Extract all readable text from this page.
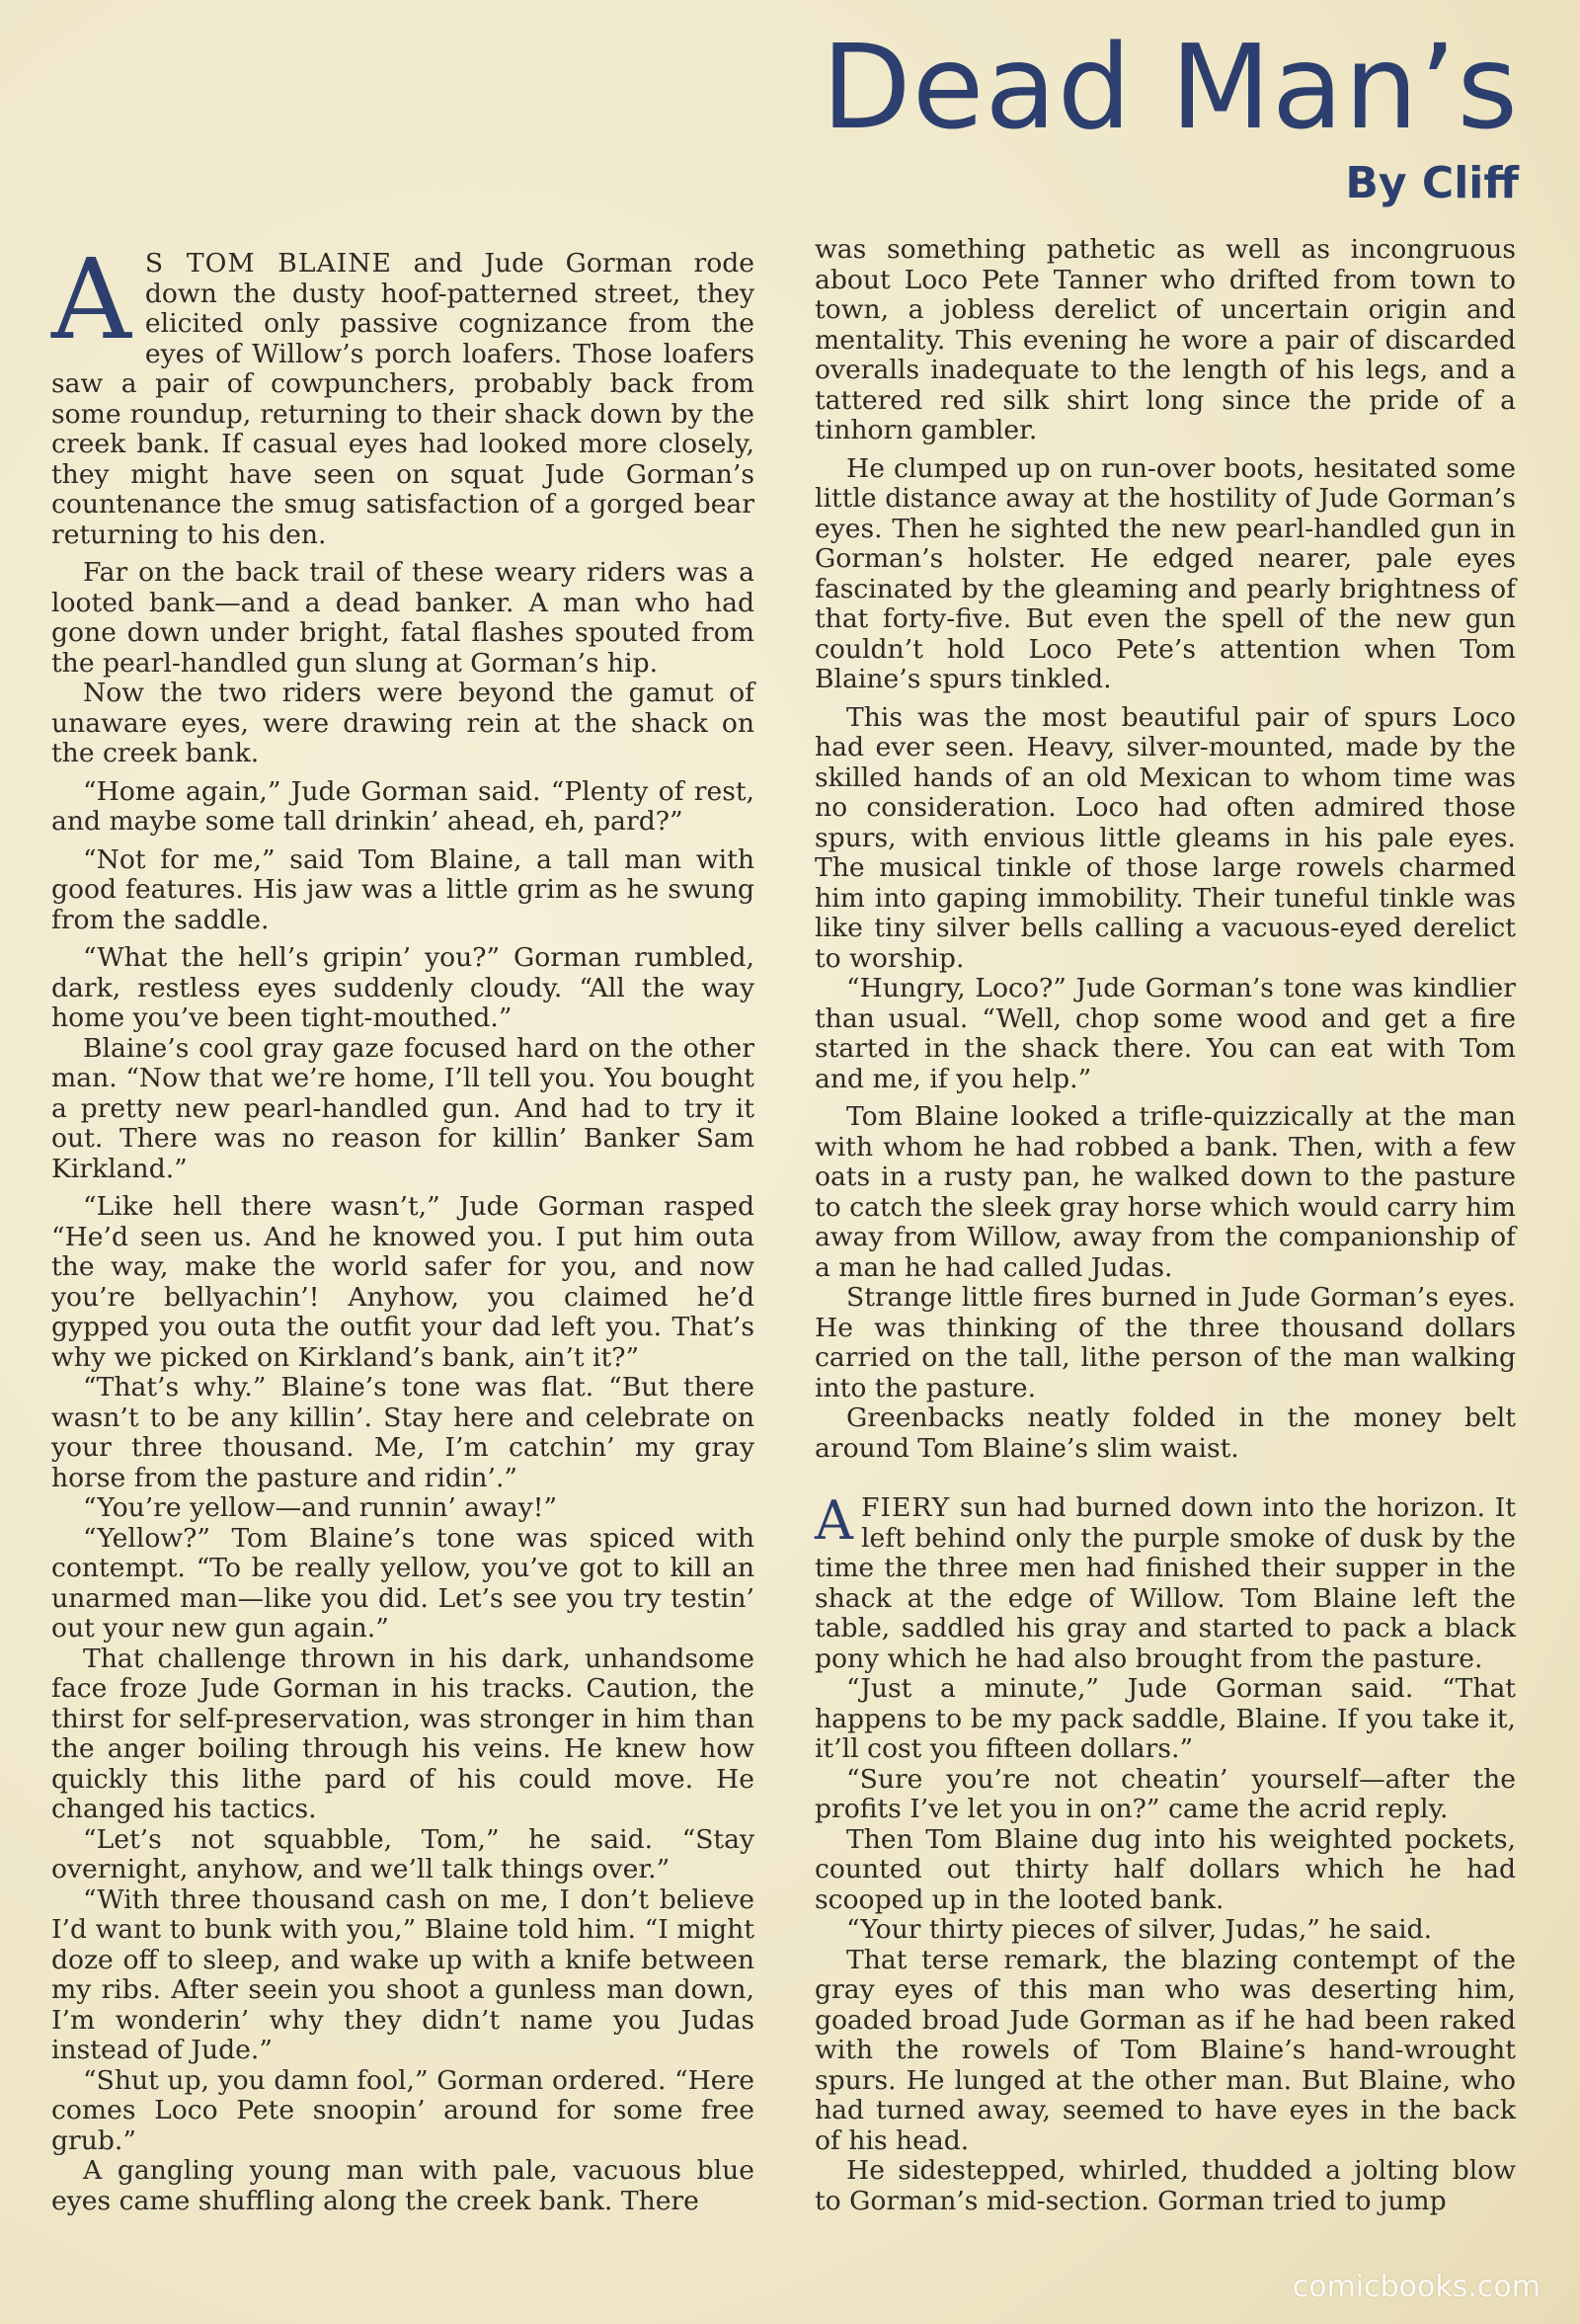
Dead Man’s
By Cliff

A S TOM BLAINE and Jude Gorman rode down the dusty hoof-patterned street, they elicited only passive cognizance from the eyes of Willow’s porch loafers. Those loafers saw a pair of cowpunchers, probably back from some roundup, returning to their shack down by the creek bank. If casual eyes had looked more closely, they might have seen on squat Jude Gorman’s countenance the smug satisfaction of a gorged bear returning to his den.

Far on the back trail of these weary riders was a looted bank—and a dead banker. A man who had gone down under bright, fatal flashes spouted from the pearl-handled gun slung at Gorman’s hip.

Now the two riders were beyond the gamut of unaware eyes, were drawing rein at the shack on the creek bank.

“Home again,” Jude Gorman said. “Plenty of rest, and maybe some tall drinkin’ ahead, eh, pard?”

“Not for me,” said Tom Blaine, a tall man with good features. His jaw was a little grim as he swung from the saddle.

“What the hell’s gripin’ you?” Gorman rumbled, dark, restless eyes suddenly cloudy. “All the way home you’ve been tight-mouthed.”

Blaine’s cool gray gaze focused hard on the other man. “Now that we’re home, I’ll tell you. You bought a pretty new pearl-handled gun. And had to try it out. There was no reason for killin’ Banker Sam Kirkland.”

“Like hell there wasn’t,” Jude Gorman rasped “He’d seen us. And he knowed you. I put him outa the way, make the world safer for you, and now you’re bellyachin’! Anyhow, you claimed he’d gypped you outa the outfit your dad left you. That’s why we picked on Kirkland’s bank, ain’t it?”

“That’s why.” Blaine’s tone was flat. “But there wasn’t to be any killin’. Stay here and celebrate on your three thousand. Me, I’m catchin’ my gray horse from the pasture and ridin’.”

“You’re yellow—and runnin’ away!”

“Yellow?” Tom Blaine’s tone was spiced with contempt. “To be really yellow, you’ve got to kill an unarmed man—like you did. Let’s see you try testin’ out your new gun again.”

That challenge thrown in his dark, unhandsome face froze Jude Gorman in his tracks. Caution, the thirst for self-preservation, was stronger in him than the anger boiling through his veins. He knew how quickly this lithe pard of his could move. He changed his tactics.

“Let’s not squabble, Tom,” he said. “Stay overnight, anyhow, and we’ll talk things over.”

“With three thousand cash on me, I don’t believe I’d want to bunk with you,” Blaine told him. “I might doze off to sleep, and wake up with a knife between my ribs. After seein you shoot a gunless man down, I’m wonderin’ why they didn’t name you Judas instead of Jude.”

“Shut up, you damn fool,” Gorman ordered. “Here comes Loco Pete snoopin’ around for some free grub.”

A gangling young man with pale, vacuous blue eyes came shuffling along the creek bank. There

was something pathetic as well as incongruous about Loco Pete Tanner who drifted from town to town, a jobless derelict of uncertain origin and mentality. This evening he wore a pair of discarded overalls inadequate to the length of his legs, and a tattered red silk shirt long since the pride of a tinhorn gambler.

He clumped up on run-over boots, hesitated some little distance away at the hostility of Jude Gorman’s eyes. Then he sighted the new pearl-handled gun in Gorman’s holster. He edged nearer, pale eyes fascinated by the gleaming and pearly brightness of that forty-five. But even the spell of the new gun couldn’t hold Loco Pete’s attention when Tom Blaine’s spurs tinkled.

This was the most beautiful pair of spurs Loco had ever seen. Heavy, silver-mounted, made by the skilled hands of an old Mexican to whom time was no consideration. Loco had often admired those spurs, with envious little gleams in his pale eyes. The musical tinkle of those large rowels charmed him into gaping immobility. Their tuneful tinkle was like tiny silver bells calling a vacuous-eyed derelict to worship.

“Hungry, Loco?” Jude Gorman’s tone was kindlier than usual. “Well, chop some wood and get a fire started in the shack there. You can eat with Tom and me, if you help.”

Tom Blaine looked a trifle-quizzically at the man with whom he had robbed a bank. Then, with a few oats in a rusty pan, he walked down to the pasture to catch the sleek gray horse which would carry him away from Willow, away from the companionship of a man he had called Judas.

Strange little fires burned in Jude Gorman’s eyes. He was thinking of the three thousand dollars carried on the tall, lithe person of the man walking into the pasture.

Greenbacks neatly folded in the money belt around Tom Blaine’s slim waist.

A FIERY sun had burned down into the horizon. It left behind only the purple smoke of dusk by the time the three men had finished their supper in the shack at the edge of Willow. Tom Blaine left the table, saddled his gray and started to pack a black pony which he had also brought from the pasture.

“Just a minute,” Jude Gorman said. “That happens to be my pack saddle, Blaine. If you take it, it’ll cost you fifteen dollars.”

“Sure you’re not cheatin’ yourself—after the profits I’ve let you in on?” came the acrid reply.

Then Tom Blaine dug into his weighted pockets, counted out thirty half dollars which he had scooped up in the looted bank.

“Your thirty pieces of silver, Judas,” he said.

That terse remark, the blazing contempt of the gray eyes of this man who was deserting him, goaded broad Jude Gorman as if he had been raked with the rowels of Tom Blaine’s hand-wrought spurs. He lunged at the other man. But Blaine, who had turned away, seemed to have eyes in the back of his head.

He sidestepped, whirled, thudded a jolting blow to Gorman’s mid-section. Gorman tried to jump

comicbooks.com
